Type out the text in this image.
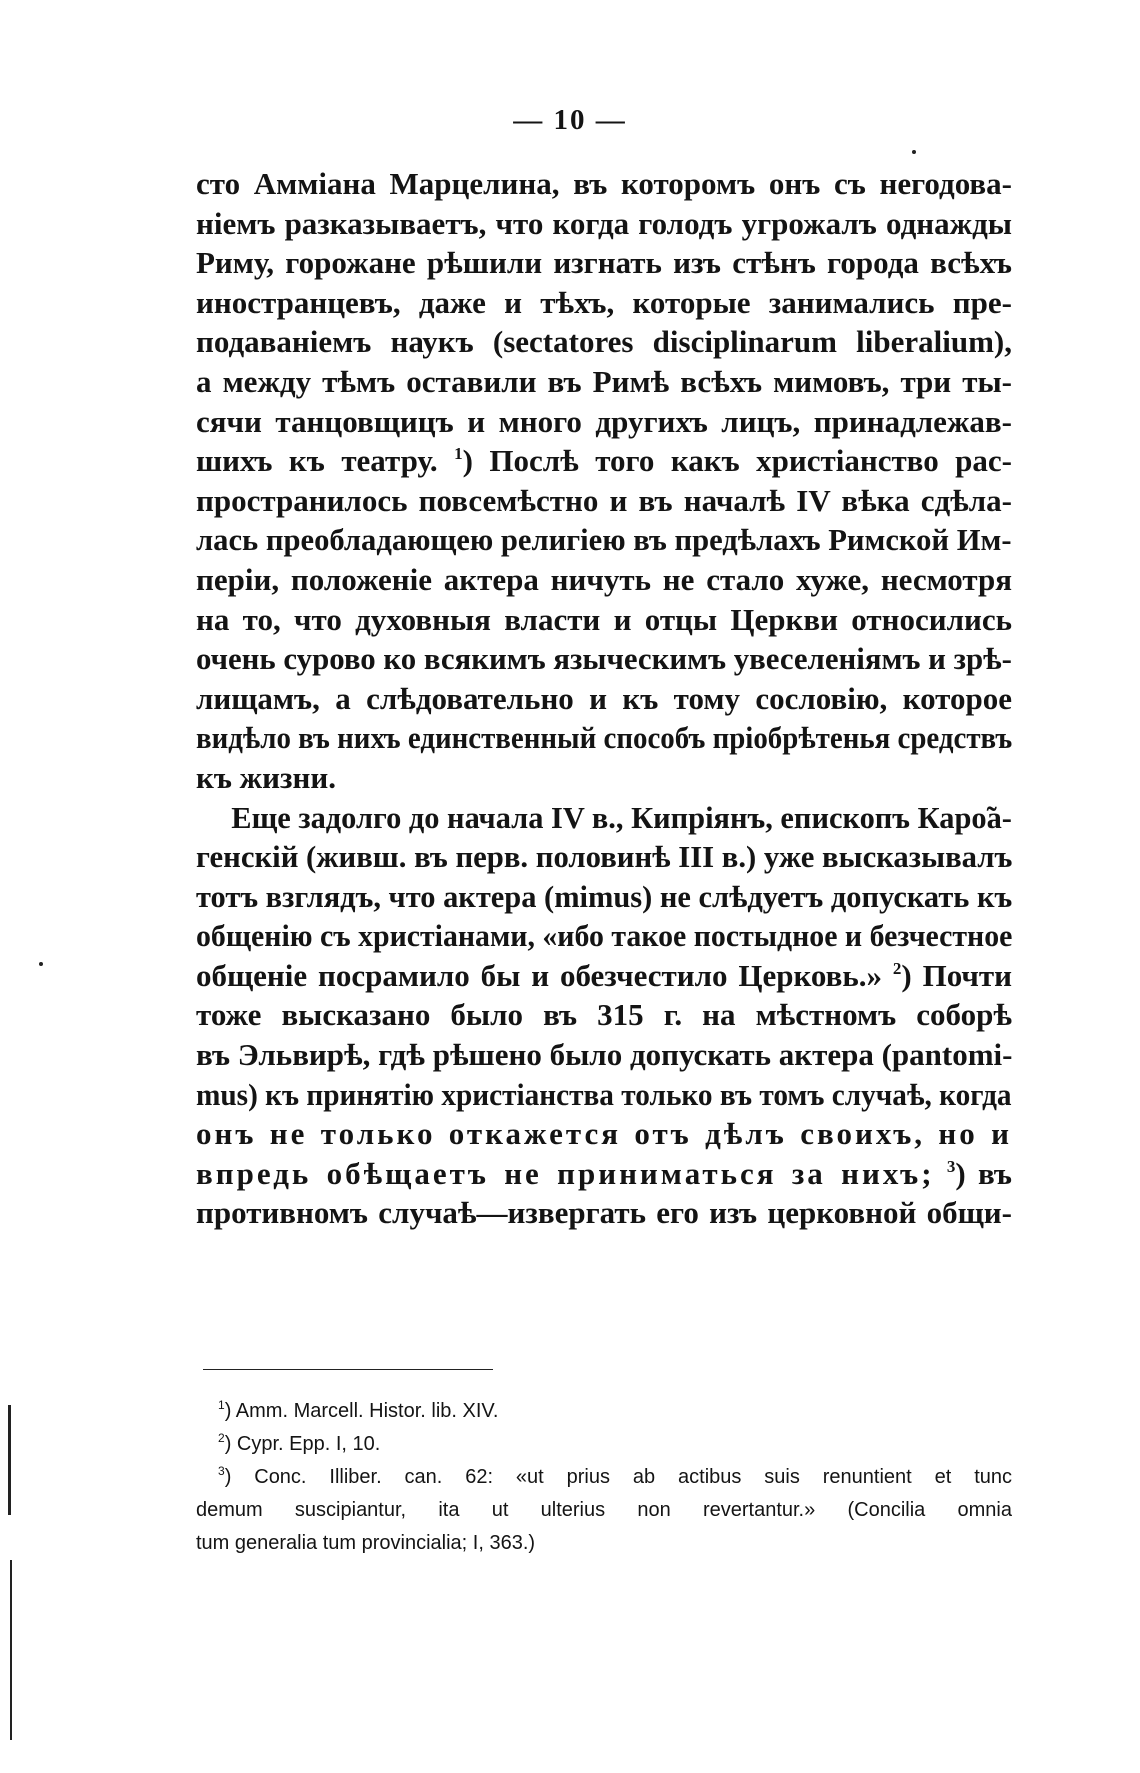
— 10 —
сто Амміана Марцелина, въ которомъ онъ съ негодова-
ніемъ разказываетъ, что когда голодъ угрожалъ однажды
Риму, горожане рѣшили изгнать изъ стѣнъ города всѣхъ
иностранцевъ, даже и тѣхъ, которые занимались пре-
подаваніемъ наукъ (sectatores disciplinarum liberalium),
а между тѣмъ оставили въ Римѣ всѣхъ мимовъ, три ты-
сячи танцовщицъ и много другихъ лицъ, принадлежав-
шихъ къ театру. $^1$) Послѣ того какъ христіанство рас-
пространилось повсемѣстно и въ началѣ IV вѣка сдѣла-
лась преобладающею религіею въ предѣлахъ Римской Им-
періи, положеніе актера ничуть не стало хуже, несмотря
на то, что духовныя власти и отцы Церкви относились
очень сурово ко всякимъ языческимъ увеселеніямъ и зрѣ-
лищамъ, а слѣдовательно и къ тому сословію, которое
видѣло въ нихъ единственный способъ пріобрѣтенья средствъ
къ жизни.
Еще задолго до начала IV в., Кипріянъ, епископъ Каро̃а-
генскій (живш. въ перв. половинѣ III в.) уже высказывалъ
тотъ взглядъ, что актера (mimus) не слѣдуетъ допускать къ
общенію съ христіанами, «ибо такое постыдное и безчестное
общеніе посрамило бы и обезчестило Церковь.» $^2$) Почти
тоже высказано было въ 315 г. на мѣстномъ соборѣ
въ Эльвирѣ, гдѣ рѣшено было допускать актера (pantomi-
mus) къ принятію христіанства только въ томъ случаѣ, когда
онъ не только откажется отъ дѣлъ своихъ, но и
впредь обѣщаетъ не приниматься за нихъ; $^3$) въ
противномъ случаѣ—извергать его изъ церковной общи-
$^1$) Amm. Marcell. Histor. lib. XIV.
$^2$) Cypr. Epp. I, 10.
$^3$) Conc. Illiber. can. 62: «ut prius ab actibus suis renuntient et tunc
demum suscipiantur, ita ut ulterius non revertantur.» (Concilia omnia
tum generalia tum provincialia; I, 363.)
